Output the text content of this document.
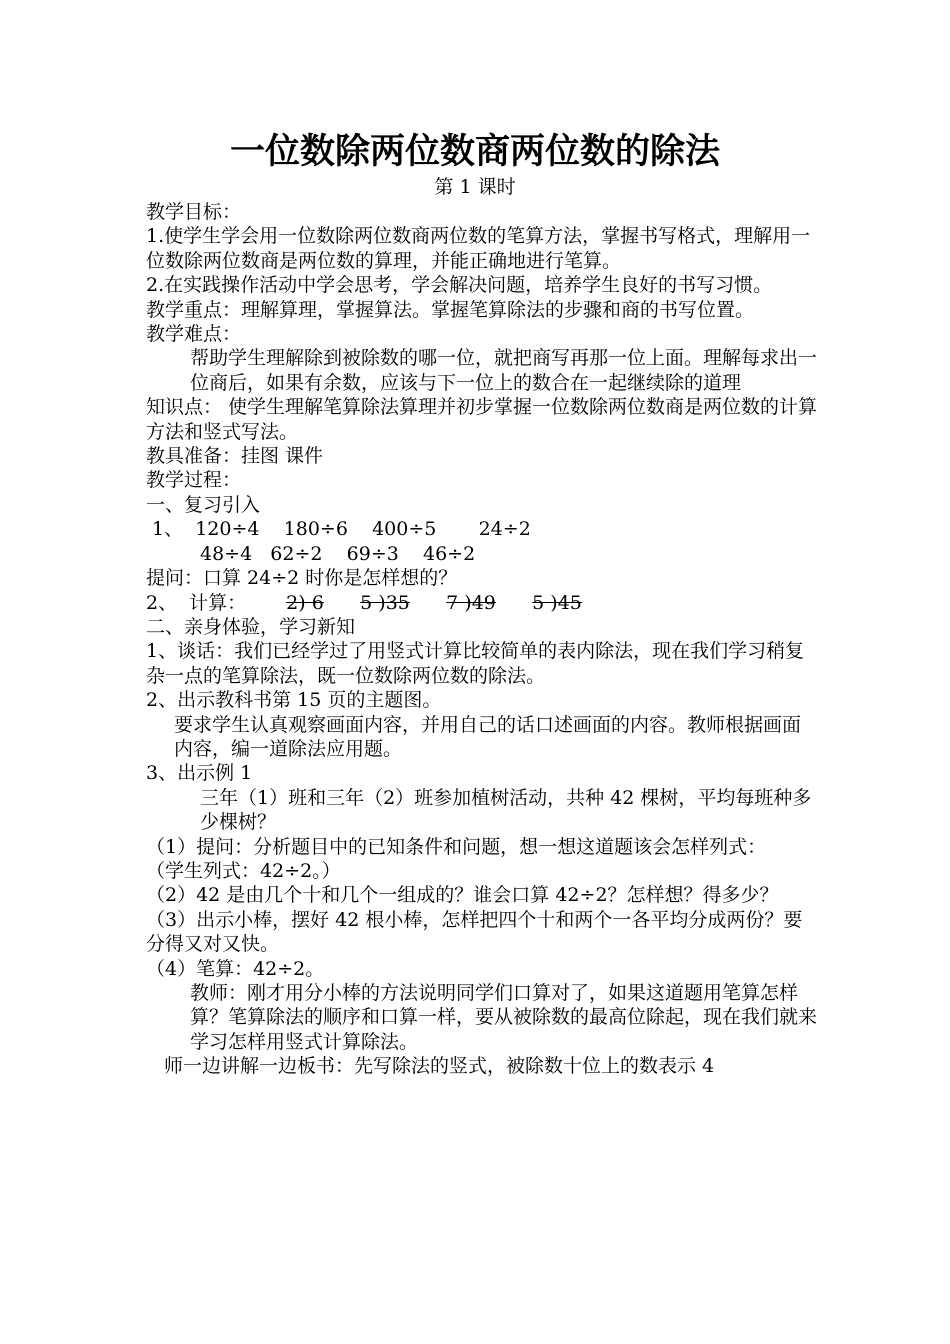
一位数除两位数商两位数的除法
第 1 课时

教学目标：

1.使学生学会用一位数除两位数商两位数的笔算方法，掌握书写格式，理解用一位数除两位数商是两位数的算理，并能正确地进行笔算。

2.在实践操作活动中学会思考，学会解决问题，培养学生良好的书写习惯。

教学重点：理解算理，掌握算法。掌握笔算除法的步骤和商的书写位置。

教学难点：

帮助学生理解除到被除数的哪一位，就把商写再那一位上面。理解每求出一位商后，如果有余数，应该与下一位上的数合在一起继续除的道理

知识点： 使学生理解笔算除法算理并初步掌握一位数除两位数商是两位数的计算方法和竖式写法。

教具准备：挂图 课件

教学过程：

一、复习引入

1、  120÷4    180÷6    400÷5       24÷2

48÷4   62÷2    69÷3    46÷2

提问：口算 24÷2 时你是怎样想的？

2、  计算： 2) 6	5 )35	7 )49	5 )45

二、亲身体验，学习新知

1、谈话：我们已经学过了用竖式计算比较简单的表内除法，现在我们学习稍复杂一点的笔算除法，既一位数除两位数的除法。

2、出示教科书第 15 页的主题图。

要求学生认真观察画面内容，并用自己的话口述画面的内容。教师根据画面内容，编一道除法应用题。

3、出示例 1

三年（1）班和三年（2）班参加植树活动，共种 42 棵树，平均每班种多少棵树？

（1）提问：分析题目中的已知条件和问题，想一想这道题该会怎样列式：

（学生列式：42÷2。）

（2）42 是由几个十和几个一组成的？谁会口算 42÷2？怎样想？得多少？

（3）出示小棒，摆好 42 根小棒，怎样把四个十和两个一各平均分成两份？要分得又对又快。

（4）笔算：42÷2。

教师：刚才用分小棒的方法说明同学们口算对了，如果这道题用笔算怎样算？笔算除法的顺序和口算一样，要从被除数的最高位除起，现在我们就来学习怎样用竖式计算除法。

师一边讲解一边板书：先写除法的竖式，被除数十位上的数表示 4
